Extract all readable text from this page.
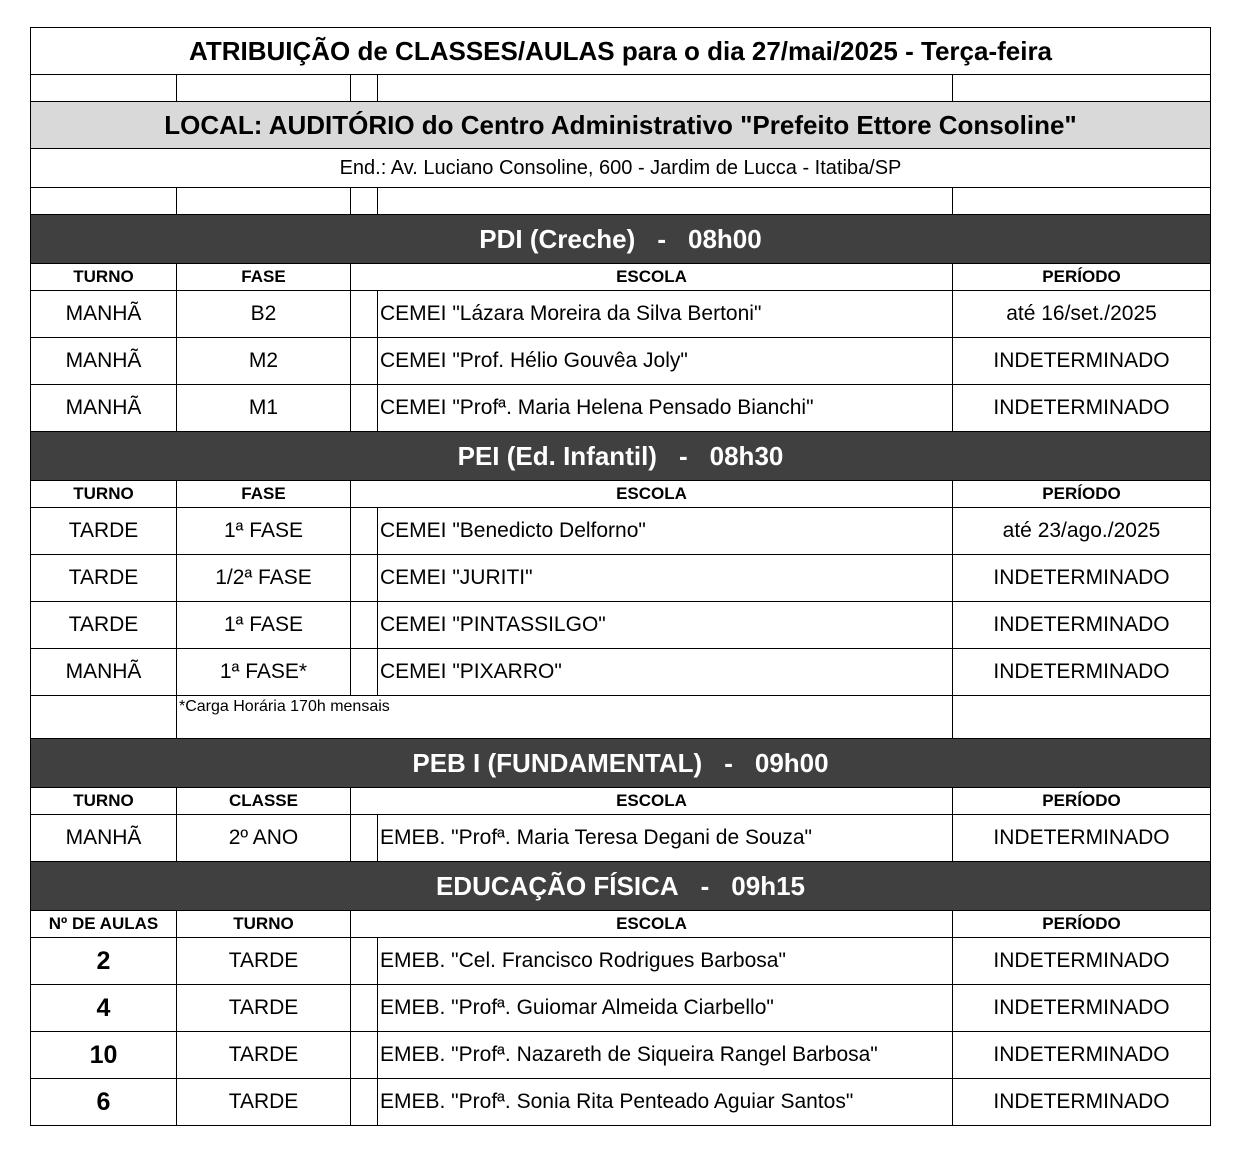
ATRIBUIÇÃO de CLASSES/AULAS para o dia 27/mai/2025 - Terça-feira				

LOCAL: AUDITÓRIO do Centro Administrativo "Prefeito Ettore Consoline"				
End.: Av. Luciano Consoline, 600 - Jardim de Lucca - Itatiba/SP				

PDI (Creche) - 08h00				
TURNO	FASE	ESCOLA		PERÍODO
MANHÃ	B2		CEMEI "Lázara Moreira da Silva Bertoni"	até 16/set./2025
MANHÃ	M2		CEMEI "Prof. Hélio Gouvêa Joly"	INDETERMINADO
MANHÃ	M1		CEMEI "Profª. Maria Helena Pensado Bianchi"	INDETERMINADO
PEI (Ed. Infantil) - 08h30				
TURNO	FASE	ESCOLA		PERÍODO
TARDE	1ª FASE		CEMEI "Benedicto Delforno"	até 23/ago./2025
TARDE	1/2ª FASE		CEMEI "JURITI"	INDETERMINADO
TARDE	1ª FASE		CEMEI "PINTASSILGO"	INDETERMINADO
MANHÃ	1ª FASE*		CEMEI "PIXARRO"	INDETERMINADO
	*Carga Horária 170h mensais			
PEB I (FUNDAMENTAL) - 09h00				
TURNO	CLASSE	ESCOLA		PERÍODO
MANHÃ	2º ANO		EMEB. "Profª. Maria Teresa Degani de Souza"	INDETERMINADO
EDUCAÇÃO FÍSICA - 09h15				
Nº DE AULAS	TURNO	ESCOLA		PERÍODO
2	TARDE		EMEB. "Cel. Francisco Rodrigues Barbosa"	INDETERMINADO
4	TARDE		EMEB. "Profª. Guiomar Almeida Ciarbello"	INDETERMINADO
10	TARDE		EMEB. "Profª. Nazareth de Siqueira Rangel Barbosa"	INDETERMINADO
6	TARDE		EMEB. "Profª. Sonia Rita Penteado Aguiar Santos"	INDETERMINADO
